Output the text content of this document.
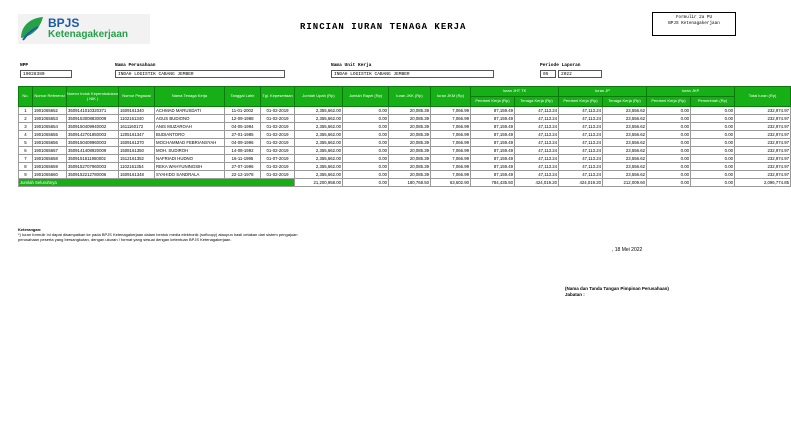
BPJS
Ketenagakerjaan
RINCIAN IURAN TENAGA KERJA
Formulir 2a PU
BPJS Ketenagakerjaan
NPP
19028380
Nama Perusahaan
INDAH LOGISTIK CABANG JEMBER
Nama Unit Kerja
INDAH LOGISTIK CABANG JEMBER
Periode Laporan
05	2022
No.	Nomor Referensi	Nomor Induk Kependudukan ( NIK )	Nomor Pegawai	Nama Tenaga Kerja	Tanggal Lahir	Tgl. Kepesertaan	Jumlah Upah (Rp)	Jumlah Rapel (Rp)	Iuran JKK (Rp)	Iuran JKM (Rp)	Iuran JHT TK		Iuran JP		Iuran JKP		Total Iuran (Rp)
											Pemberi Kerja (Rp)	Tenaga Kerja (Rp)	Pemberi Kerja (Rp)	Tenaga Kerja (Rp)	Pemberi Kerja (Rp)	Pemerintah (Rp)	
1	1901065652	3509141010320371	1509161340	ACHMAD MARUSDATI	11-01-2002	01-02-2019	2,355,662.00	0.00	20,085.39	7,066.99	87,159.49	47,113.24	47,113.24	23,556.62	0.00	0.00	232,974.97
2	1901065653	3509153008830009	1102161340	AGUS BUDIONO	12-09-1988	01-02-2019	2,355,662.00	0.00	20,085.39	7,066.99	87,159.49	47,113.24	47,113.24	23,556.62	0.00	0.00	232,974.97
3	1901065654	3509150409940002	1611160172	ANIS MUZAROAH	04-05-1994	01-02-2019	2,355,662.00	0.00	20,085.39	7,066.99	87,159.49	47,113.24	47,113.24	23,556.62	0.00	0.00	232,974.97
4	1901065655	3509142701850003	1205161347	BUDIANTORO	27-01-1985	01-02-2019	2,355,662.00	0.00	20,085.39	7,066.99	87,159.49	47,113.24	47,113.24	23,556.62	0.00	0.00	232,974.97
5	1901065656	3509150409960003	1509161370	MOCHAMMAD FEBRIANSYAH	04-09-1996	01-02-2019	2,355,662.00	0.00	20,085.39	7,066.99	87,159.49	47,113.24	47,113.24	23,556.62	0.00	0.00	232,974.97
6	1901065657	3509141408920009	1508161350	MOH. SUDIROH	14-08-1992	01-02-2019	2,355,662.00	0.00	20,085.39	7,066.99	87,159.49	47,113.24	47,113.24	23,556.62	0.00	0.00	232,974.97
7	1901065658	3509151611950002	1512161352	NAFRIADI HUDNO	16-11-1995	01-07-2019	2,355,662.00	0.00	20,085.39	7,066.99	87,159.49	47,113.24	47,113.24	23,556.62	0.00	0.00	232,974.97
8	1901065659	3509152707960003	1102161354	REKA WAHYUNINGSIH	27-07-1996	01-02-2019	2,355,662.00	0.00	20,085.39	7,066.99	87,159.49	47,113.24	47,113.24	23,556.62	0.00	0.00	232,974.97
9	1901065660	3509152212780006	1509161348	SYAHIDO SANDRALA	22-12-1978	01-02-2019	2,355,662.00	0.00	20,085.39	7,066.99	87,159.49	47,113.24	47,113.24	23,556.62	0.00	0.00	232,974.97
Jumlah Seluruhnya							21,200,958.00	0.00	180,768.50	63,602.90	784,435.50	424,019.20	424,019.20	212,009.60	0.00	0.00	2,096,774.85
Keterangan:
*) Iuran formulir ini dapat disampaikan ke pada BPJS Ketenagakerjaan dalam bentuk media elektronik (softcopy) ataupun hasil cetakan dari sistem pengajuan perusahaan peserta yang bersangkutan, dengan ukuran / format yang sesuai dengan ketentuan BPJS Ketenagakerjaan.
, 18 Mei 2022
(Nama dan Tanda Tangan Pimpinan Perusahaan)
Jabatan :
